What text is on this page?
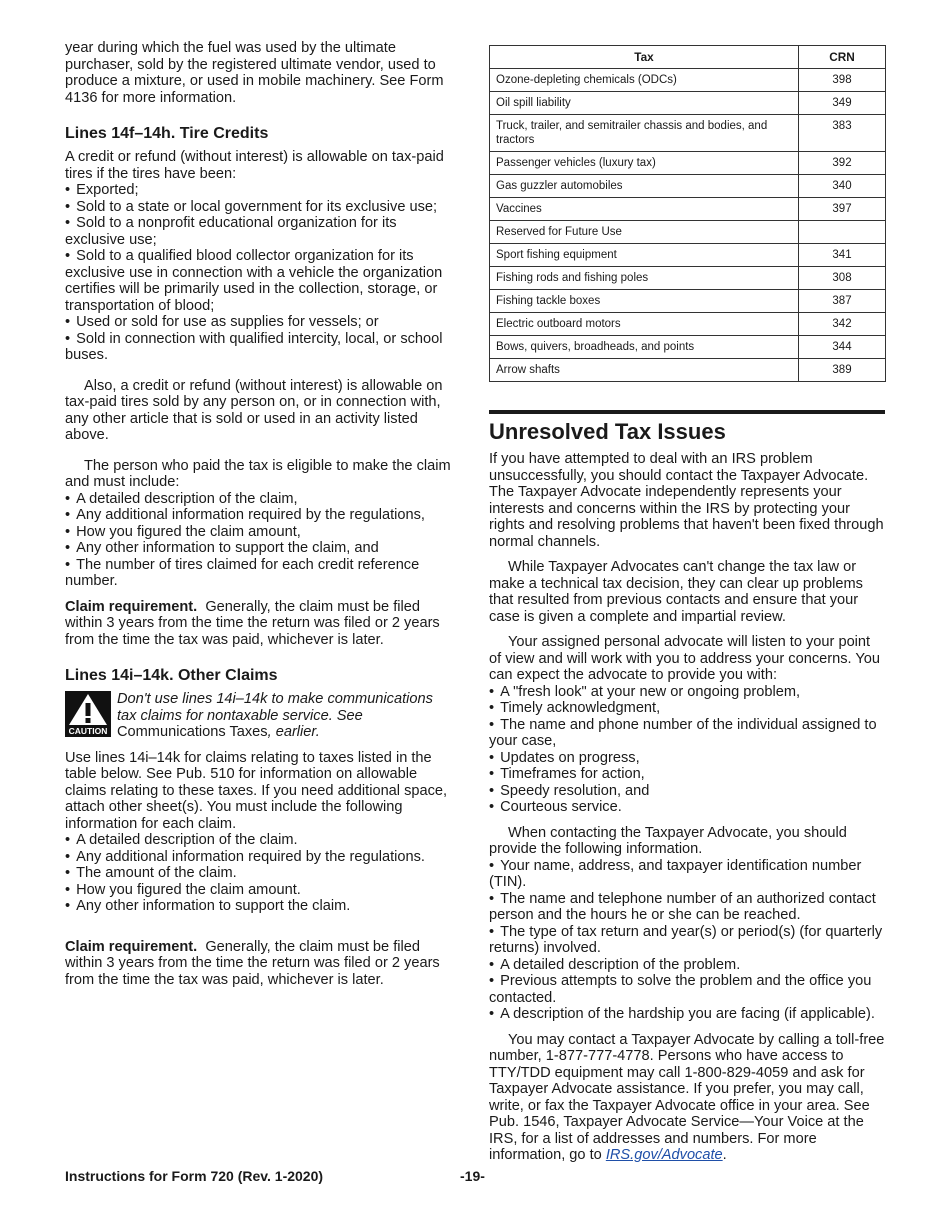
year during which the fuel was used by the ultimate purchaser, sold by the registered ultimate vendor, used to produce a mixture, or used in mobile machinery. See Form 4136 for more information.

Lines 14f–14h. Tire Credits

A credit or refund (without interest) is allowable on tax-paid tires if the tires have been:

• Exported;

• Sold to a state or local government for its exclusive use;

• Sold to a nonprofit educational organization for its exclusive use;

• Sold to a qualified blood collector organization for its exclusive use in connection with a vehicle the organization certifies will be primarily used in the collection, storage, or transportation of blood;

• Used or sold for use as supplies for vessels; or

• Sold in connection with qualified intercity, local, or school buses.

Also, a credit or refund (without interest) is allowable on tax-paid tires sold by any person on, or in connection with, any other article that is sold or used in an activity listed above.

The person who paid the tax is eligible to make the claim and must include:

• A detailed description of the claim,

• Any additional information required by the regulations,

• How you figured the claim amount,

• Any other information to support the claim, and

• The number of tires claimed for each credit reference number.

Claim requirement. Generally, the claim must be filed within 3 years from the time the return was filed or 2 years from the time the tax was paid, whichever is later.

Lines 14i–14k. Other Claims
CAUTION

Don't use lines 14i–14k to make communications tax claims for nontaxable service. See Communications Taxes, earlier.

Use lines 14i–14k for claims relating to taxes listed in the table below. See Pub. 510 for information on allowable claims relating to these taxes. If you need additional space, attach other sheet(s). You must include the following information for each claim.

• A detailed description of the claim.

• Any additional information required by the regulations.

• The amount of the claim.

• How you figured the claim amount.

• Any other information to support the claim.

Claim requirement. Generally, the claim must be filed within 3 years from the time the return was filed or 2 years from the time the tax was paid, whichever is later.

Tax	CRN
Ozone-depleting chemicals (ODCs)	398
Oil spill liability	349
Truck, trailer, and semitrailer chassis and bodies, and tractors	383
Passenger vehicles (luxury tax)	392
Gas guzzler automobiles	340
Vaccines	397
Reserved for Future Use	
Sport fishing equipment	341
Fishing rods and fishing poles	308
Fishing tackle boxes	387
Electric outboard motors	342
Bows, quivers, broadheads, and points	344
Arrow shafts	389
Unresolved Tax Issues

If you have attempted to deal with an IRS problem unsuccessfully, you should contact the Taxpayer Advocate. The Taxpayer Advocate independently represents your interests and concerns within the IRS by protecting your rights and resolving problems that haven't been fixed through normal channels.

While Taxpayer Advocates can't change the tax law or make a technical tax decision, they can clear up problems that resulted from previous contacts and ensure that your case is given a complete and impartial review.

Your assigned personal advocate will listen to your point of view and will work with you to address your concerns. You can expect the advocate to provide you with:

• A "fresh look" at your new or ongoing problem,

• Timely acknowledgment,

• The name and phone number of the individual assigned to your case,

• Updates on progress,

• Timeframes for action,

• Speedy resolution, and

• Courteous service.

When contacting the Taxpayer Advocate, you should provide the following information.

• Your name, address, and taxpayer identification number (TIN).

• The name and telephone number of an authorized contact person and the hours he or she can be reached.

• The type of tax return and year(s) or period(s) (for quarterly returns) involved.

• A detailed description of the problem.

• Previous attempts to solve the problem and the office you contacted.

• A description of the hardship you are facing (if applicable).

You may contact a Taxpayer Advocate by calling a toll-free number, 1-877-777-4778. Persons who have access to TTY/TDD equipment may call 1-800-829-4059 and ask for Taxpayer Advocate assistance. If you prefer, you may call, write, or fax the Taxpayer Advocate office in your area. See Pub. 1546, Taxpayer Advocate Service—Your Voice at the IRS, for a list of addresses and numbers. For more information, go to IRS.gov/Advocate.

Instructions for Form 720 (Rev. 1-2020)	-19-
